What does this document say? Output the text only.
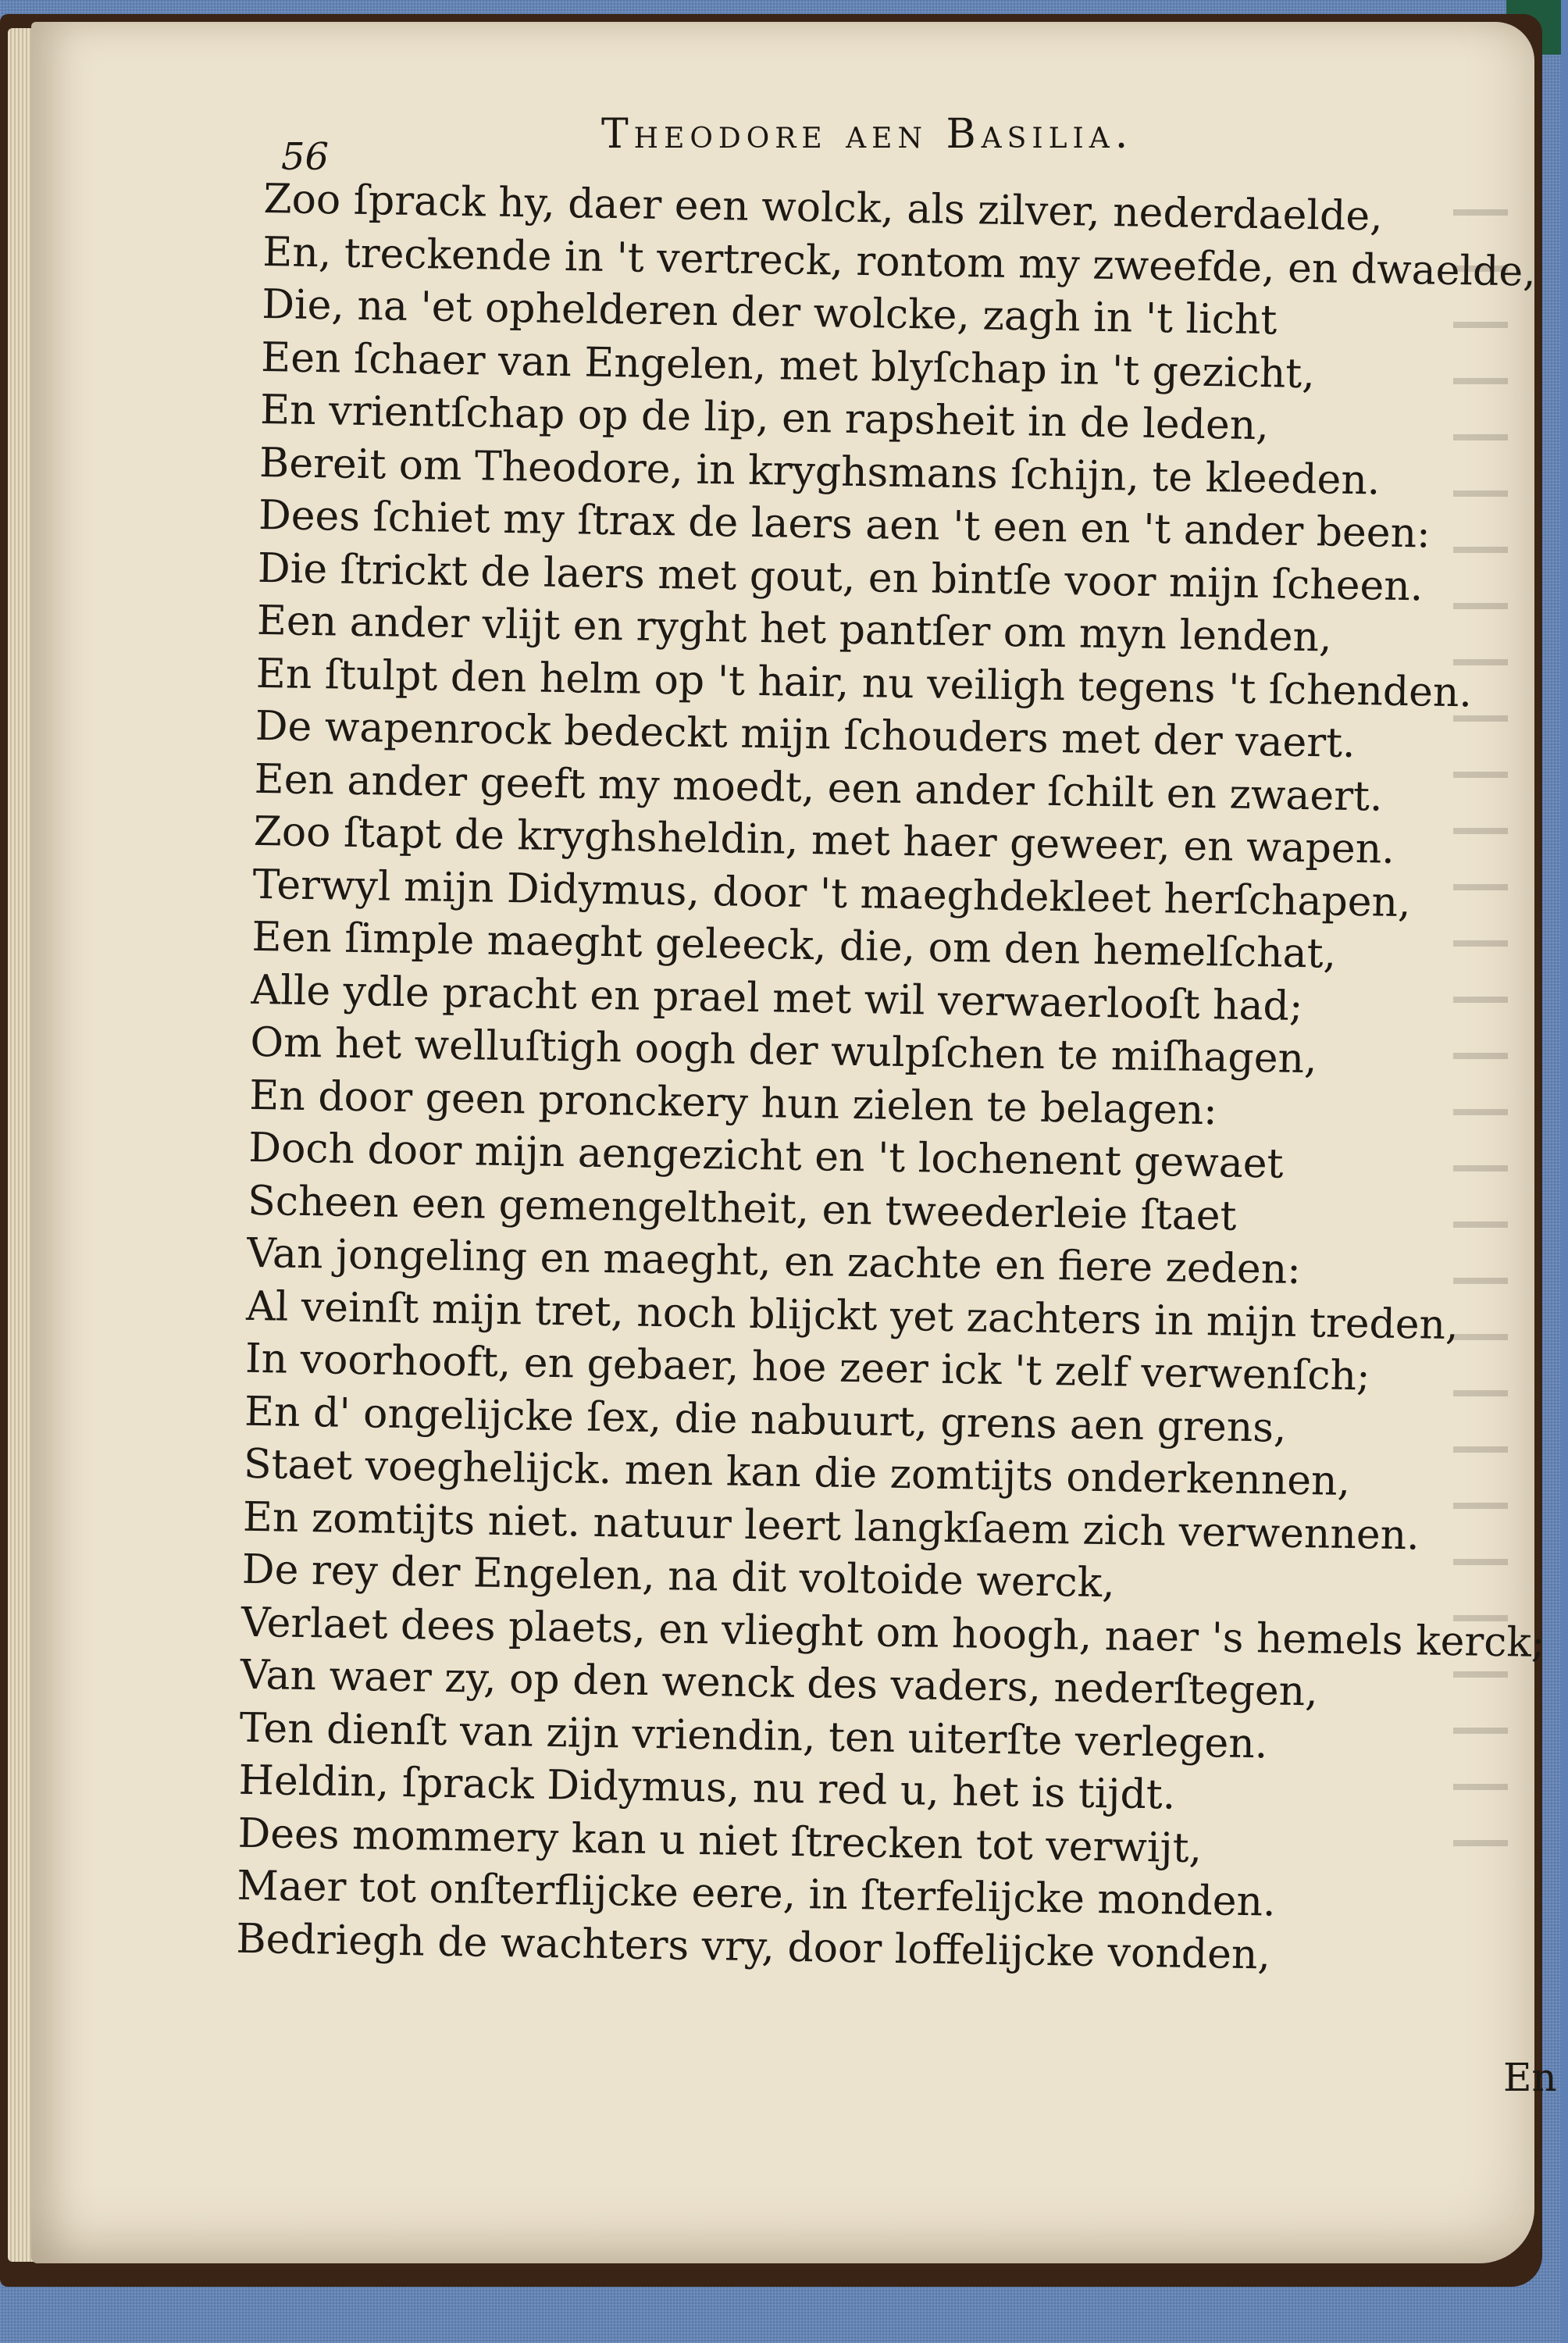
56	Theodore aen Basilia.
Zoo ſprack hy, daer een wolck, als zilver, nederdaelde,
En, treckende in 't vertreck, rontom my zweefde, en dwaelde,
Die, na 'et ophelderen der wolcke, zagh in 't licht
Een ſchaer van Engelen, met blyſchap in 't gezicht,
En vrientſchap op de lip, en rapsheit in de leden,
Bereit om Theodore, in kryghsmans ſchijn, te kleeden.
Dees ſchiet my ſtrax de laers aen 't een en 't ander been:
Die ſtrickt de laers met gout, en bintſe voor mijn ſcheen.
Een ander vlijt en ryght het pantſer om myn lenden,
En ſtulpt den helm op 't hair, nu veiligh tegens 't ſchenden.
De wapenrock bedeckt mijn ſchouders met der vaert.
Een ander geeft my moedt, een ander ſchilt en zwaert.
Zoo ſtapt de kryghsheldin, met haer geweer, en wapen.
Terwyl mijn Didymus, door 't maeghdekleet herſchapen,
Een ſimple maeght geleeck, die, om den hemelſchat,
Alle ydle pracht en prael met wil verwaerlooſt had;
Om het welluſtigh oogh der wulpſchen te miſhagen,
En door geen pronckery hun zielen te belagen:
Doch door mijn aengezicht en 't lochenent gewaet
Scheen een gemengeltheit, en tweederleie ſtaet
Van jongeling en maeght, en zachte en fiere zeden:
Al veinſt mijn tret, noch blijckt yet zachters in mijn treden,
In voorhooft, en gebaer, hoe zeer ick 't zelf verwenſch;
En d' ongelijcke ſex, die nabuurt, grens aen grens,
Staet voeghelijck. men kan die zomtijts onderkennen,
En zomtijts niet. natuur leert langkſaem zich verwennen.
De rey der Engelen, na dit voltoide werck,
Verlaet dees plaets, en vlieght om hoogh, naer 's hemels kerck;
Van waer zy, op den wenck des vaders, nederſtegen,
Ten dienſt van zijn vriendin, ten uiterſte verlegen.
Heldin, ſprack Didymus, nu red u, het is tijdt.
Dees mommery kan u niet ſtrecken tot verwijt,
Maer tot onſterflijcke eere, in ſterfelijcke monden.
Bedriegh de wachters vry, door loffelijcke vonden,
En
